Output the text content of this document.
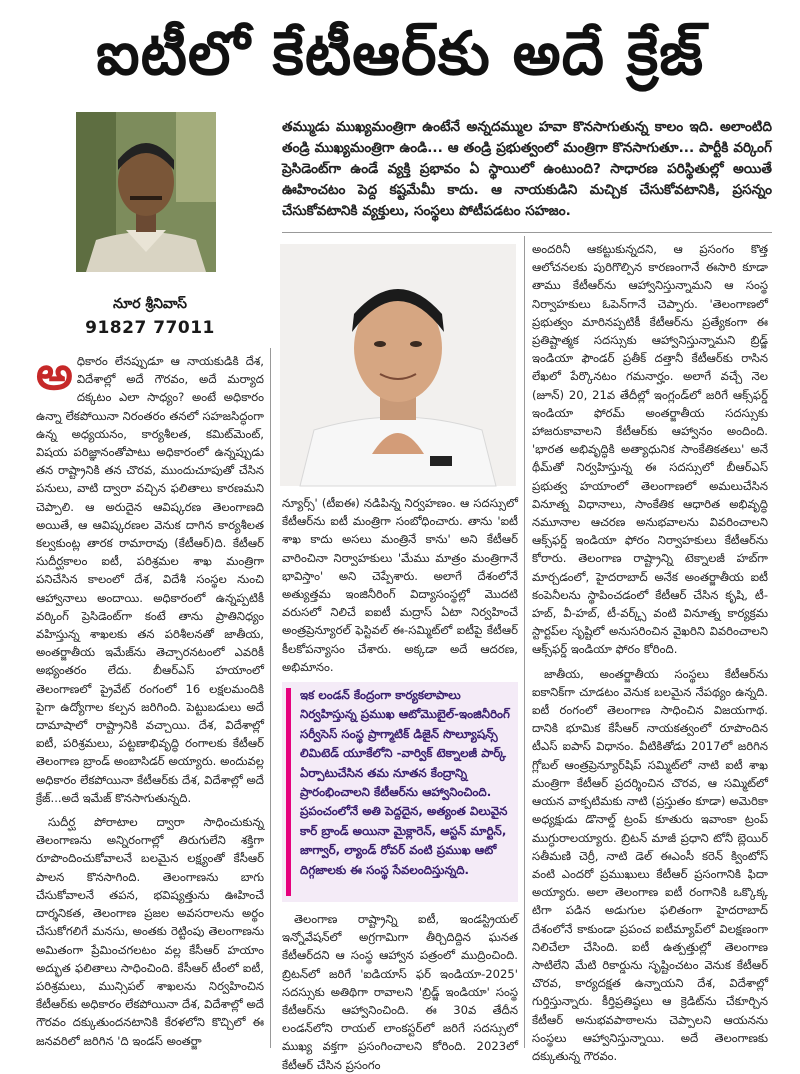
ఐటీలో కేటీఆర్‌కు అదే క్రేజ్
నూర శ్రీనివాస్
91827 77011
తమ్ముడు ముఖ్యమంత్రిగా ఉంటేనే అన్నదమ్ముల హవా కొనసాగుతున్న కాలం ఇది. అలాంటిది తండ్రి ముఖ్యమంత్రిగా ఉండి... ఆ తండ్రి ప్రభుత్వంలో మంత్రిగా కొనసాగుతూ... పార్టీకి వర్కింగ్ ప్రెసిడెంట్‌గా ఉండే వ్యక్తి ప్రభావం ఏ స్థాయిలో ఉంటుంది? సాధారణ పరిస్థితుల్లో అయితే ఊహించటం పెద్ద కష్టమేమీ కాదు. ఆ నాయకుడిని మచ్చిక చేసుకోవటానికి, ప్రసన్నం చేసుకోవటానికి వ్యక్తులు, సంస్థలు పోటీపడటం సహజం.

అధికారం లేనప్పుడూ ఆ నాయకుడికి దేశ, విదేశాల్లో అదే గౌరవం, అదే మర్యాద దక్కటం ఎలా సాధ్యం? అంటే అధికారం ఉన్నా లేకపోయినా నిరంతరం తనలో సహజసిద్ధంగా ఉన్న అధ్యయనం, కార్యశీలత, కమిట్‌మెంట్, విషయ పరిజ్ఞానంతోపాటు అధికారంలో ఉన్నప్పుడు తన రాష్ట్రానికి తన చొరవ, ముందుచూపుతో చేసిన పనులు, వాటి ద్వారా వచ్చిన ఫలితాలు కారణమని చెప్పాలి. ఆ అరుదైన ఆవిష్కరణ తెలంగాణది అయితే, ఆ ఆవిష్కరణల వెనుక దాగిన కార్యశీలత కల్వకుంట్ల తారక రామారావు (కేటీఆర్)ది. కేటీఆర్ సుదీర్ఘకాలం ఐటీ, పరిశ్రమల శాఖ మంత్రిగా పనిచేసిన కాలంలో దేశ, విదేశీ సంస్థల నుంచి ఆహ్వానాలు అందాయి. అధికారంలో ఉన్నప్పటికీ వర్కింగ్ ప్రెసిడెంట్‌గా కంటే తాను ప్రాతినిధ్యం వహిస్తున్న శాఖలకు తన పరిశీలనతో జాతీయ, అంతర్జాతీయ ఇమేజ్‌ను తెచ్చారనటంలో ఎవరికీ అభ్యంతరం లేదు. బీఆర్‌ఎస్ హయాంలో తెలంగాణలో ప్రైవేట్ రంగంలో 16 లక్షలమందికి పైగా ఉద్యోగాల కల్పన జరిగింది. పెట్టుబడులు అదే దామాషాలో రాష్ట్రానికి వచ్చాయి. దేశ, విదేశాల్లో ఐటీ, పరిశ్రమలు, పట్టణాభివృద్ధి రంగాలకు కేటీఆర్ తెలంగాణ బ్రాండ్ అంబాసిడర్ అయ్యారు. అందువల్ల అధికారం లేకపోయినా కేటీఆర్‌కు దేశ, విదేశాల్లో అదే క్రేజ్...అదే ఇమేజ్ కొనసాగుతున్నది.

సుదీర్ఘ పోరాటాల ద్వారా సాధించుకున్న తెలంగాణను అన్నిరంగాల్లో తిరుగులేని శక్తిగా రూపొందించుకోవాలనే బలమైన లక్ష్యంతో కేసీఆర్ పాలన కొనసాగింది. తెలంగాణను బాగు చేసుకోవాలనే తపన, భవిష్యత్తును ఊహించే దార్శనికత, తెలంగాణ ప్రజల అవసరాలను అర్థం చేసుకోగలిగే మనసు, అంతకు రెట్టింపు తెలంగాణను అమితంగా ప్రేమించగలటం వల్ల కేసీఆర్ హయాం అద్భుత ఫలితాలు సాధించింది. కేసీఆర్ టీంలో ఐటీ, పరిశ్రమలు, మున్సిపల్ శాఖలను నిర్వహించిన కేటీఆర్‌కు అధికారం లేకపోయినా దేశ, విదేశాల్లో అదే గౌరవం దక్కుతుందనటానికి కేరళలోని కొచ్చిలో ఈ జనవరిలో జరిగిన 'ది ఇండస్ అంతర్జా

న్యూర్స్' (టీఐఈ) నడిపిన్న నిర్వహణం. ఆ సదస్సులో కేటీఆర్‌ను ఐటీ మంత్రిగా సంబోధించారు. తాను 'ఐటీ శాఖ కాదు అసలు మంత్రినే కాను' అని కేటీఆర్ వారించినా నిర్వాహకులు 'మేము మాత్రం మంత్రిగానే భావిస్తాం' అని చెప్పేశారు. అలాగే దేశంలోనే అత్యుత్తమ ఇంజినీరింగ్ విద్యాసంస్థల్లో మొదటి వరుసలో నిలిచే ఐఐటీ మద్రాస్ ఏటా నిర్వహించే అంత్రప్రెన్యూరల్ ఫెస్టివల్ ఈ-సమ్మిట్‌లో ఐటీపై కేటీఆర్ కీలకోపన్యాసం చేశారు. అక్కడా అదే ఆదరణ, అభిమానం.

ఇక లండన్ కేంద్రంగా కార్యకలాపాలు నిర్వహిస్తున్న ప్రముఖ ఆటోమొబైల్-ఇంజినీరింగ్ సర్వీసెస్ సంస్థ ప్రాగ్మాటిక్ డిజైన్ సొల్యూషన్స్ లిమిటెడ్ యూకేలోని -వార్విక్ టెక్నాలజీ పార్క్ ఏర్పాటుచేసిన తమ నూతన కేంద్రాన్ని ప్రారంభించాలని కేటీఆర్‌ను ఆహ్వానించింది. ప్రపంచంలోనే అతి పెద్దదైన, అత్యంత విలువైన కార్ బ్రాండ్ అయినా మైక్లారెన్, ఆస్టన్ మార్టిన్, జాగ్వార్, ల్యాండ్ రోవర్ వంటి ప్రముఖ ఆటో దిగ్గజాలకు ఈ సంస్థ సేవలందిస్తున్నది.

తెలంగాణ రాష్ట్రాన్ని ఐటీ, ఇండస్ట్రియల్ ఇన్నోవేషన్‌లో అగ్రగామిగా తీర్చిదిద్దిన ఘనత కేటీఆర్‌దని ఆ సంస్థ ఆహ్వాన పత్రంలో ముద్రించింది. బ్రిటన్‌లో జరిగే 'ఐడియాస్ ఫర్ ఇండియా-2025' సదస్సుకు అతిథిగా రావాలని 'బ్రిడ్జ్ ఇండియా' సంస్థ కేటీఆర్‌ను ఆహ్వానించింది. ఈ 30వ తేదీన లండన్‌లోని రాయల్ లాంకస్టర్‌లో జరిగే సదస్సులో ముఖ్య వక్తగా ప్రసంగించాలని కోరింది. 2023లో కేటీఆర్ చేసిన ప్రసంగం

అందరినీ ఆకట్టుకున్నదని, ఆ ప్రసంగం కొత్త ఆలోచనలకు పురిగొల్పిన కారణంగానే ఈసారి కూడా తాము కేటీఆర్‌ను ఆహ్వానిస్తున్నామని ఆ సంస్థ నిర్వాహకులు ఓపెన్‌గానే చెప్పారు. 'తెలంగాణలో ప్రభుత్వం మారినప్పటికీ కేటీఆర్‌ను ప్రత్యేకంగా ఈ ప్రతిష్టాత్మక సదస్సుకు ఆహ్వానిస్తున్నామని బ్రిడ్జ్ ఇండియా ఫౌండర్ ప్రతీక్ దత్తానీ కేటీఆర్‌కు రాసిన లేఖలో పేర్కొనటం గమనార్హం. అలాగే వచ్చే నెల (జూన్) 20, 21వ తేదీల్లో ఇంగ్లండ్‌లో జరిగే ఆక్స్‌ఫర్డ్ ఇండియా ఫోరమ్ అంతర్జాతీయ సదస్సుకు హాజరుకావాలని కేటీఆర్‌కు ఆహ్వానం అందింది. 'భారత అభివృద్ధికి అత్యాధునిక సాంకేతికతలు' అనే థీమ్‌తో నిర్వహిస్తున్న ఈ సదస్సులో బీఆర్‌ఎస్ ప్రభుత్వ హయాంలో తెలంగాణలో అమలుచేసిన వినూత్న విధానాలు, సాంకేతిక ఆధారిత అభివృద్ధి నమూనాల ఆచరణ అనుభవాలను వివరించాలని ఆక్స్‌ఫర్డ్ ఇండియా ఫోరం నిర్వాహకులు కేటీఆర్‌ను కోరారు. తెలంగాణ రాష్ట్రాన్ని టెక్నాలజీ హబ్‌గా మార్చడంలో, హైదరాబాద్ అనేక అంతర్జాతీయ ఐటీ కంపెనీలను స్థాపించడంలో కేటీఆర్ చేసిన కృషి, టీ-హబ్, వీ-హబ్, టీ-వర్క్స్ వంటి వినూత్న కార్యక్రమ స్టార్టప్‌ల సృష్టిలో అనుసరించిన వైఖరిని వివరించాలని ఆక్స్‌ఫర్డ్ ఇండియా ఫోరం కోరింది.

జాతీయ, అంతర్జాతీయ సంస్థలు కేటీఆర్‌ను ఐకానిక్‌గా చూడటం వెనుక బలమైన నేపథ్యం ఉన్నది. ఐటీ రంగంలో తెలంగాణ సాధించిన విజయగాథ. దానికి భూమిక కేసీఆర్ నాయకత్వంలో రూపొందిన టీఎస్ ఐపాస్ విధానం. వీటికితోడు 2017లో జరిగిన గ్లోబల్ ఆంత్రప్రెన్యూర్‌షిప్ సమ్మిట్‌లో నాటి ఐటీ శాఖ మంత్రిగా కేటీఆర్ ప్రదర్శించిన చొరవ, ఆ సమ్మిట్‌లో ఆయన వాక్పటిమకు నాటి (ప్రస్తుతం కూడా) అమెరికా అధ్యక్షుడు డొనాల్డ్ ట్రంప్ కూతురు ఇవాంకా ట్రంప్ ముగ్ధురాలయ్యారు. బ్రిటన్ మాజీ ప్రధాని టోనీ బ్లెయిర్ సతీమణి చెర్రీ, నాటి డెల్ ఈఎంసీ కరెన్ క్వింటోస్ వంటి ఎందరో ప్రముఖులు కేటీఆర్ ప్రసంగానికి ఫిదా అయ్యారు. అలా తెలంగాణ ఐటీ రంగానికి ఒక్కొక్క టిగా పడిన అడుగుల ఫలితంగా హైదరాబాద్ దేశంలోనే కాకుండా ప్రపంచ ఐటీమ్యాప్‌లో విలక్షణంగా నిలిచేలా చేసింది. ఐటీ ఉత్పత్తుల్లో తెలంగాణ సాటిలేని మేటి రికార్డును సృష్టించటం వెనుక కేటీఆర్ చొరవ, కార్యదక్షత ఉన్నాయని దేశ, విదేశాల్లో గుర్తిస్తున్నారు. కీర్తిప్రతిష్ఠలు ఆ క్రెడిట్‌ను చేకూర్చిన కేటీఆర్ అనుభవపాఠాలను చెప్పాలని ఆయనను సంస్థలు ఆహ్వానిస్తున్నాయి. అదే తెలంగాణకు దక్కుతున్న గౌరవం.
